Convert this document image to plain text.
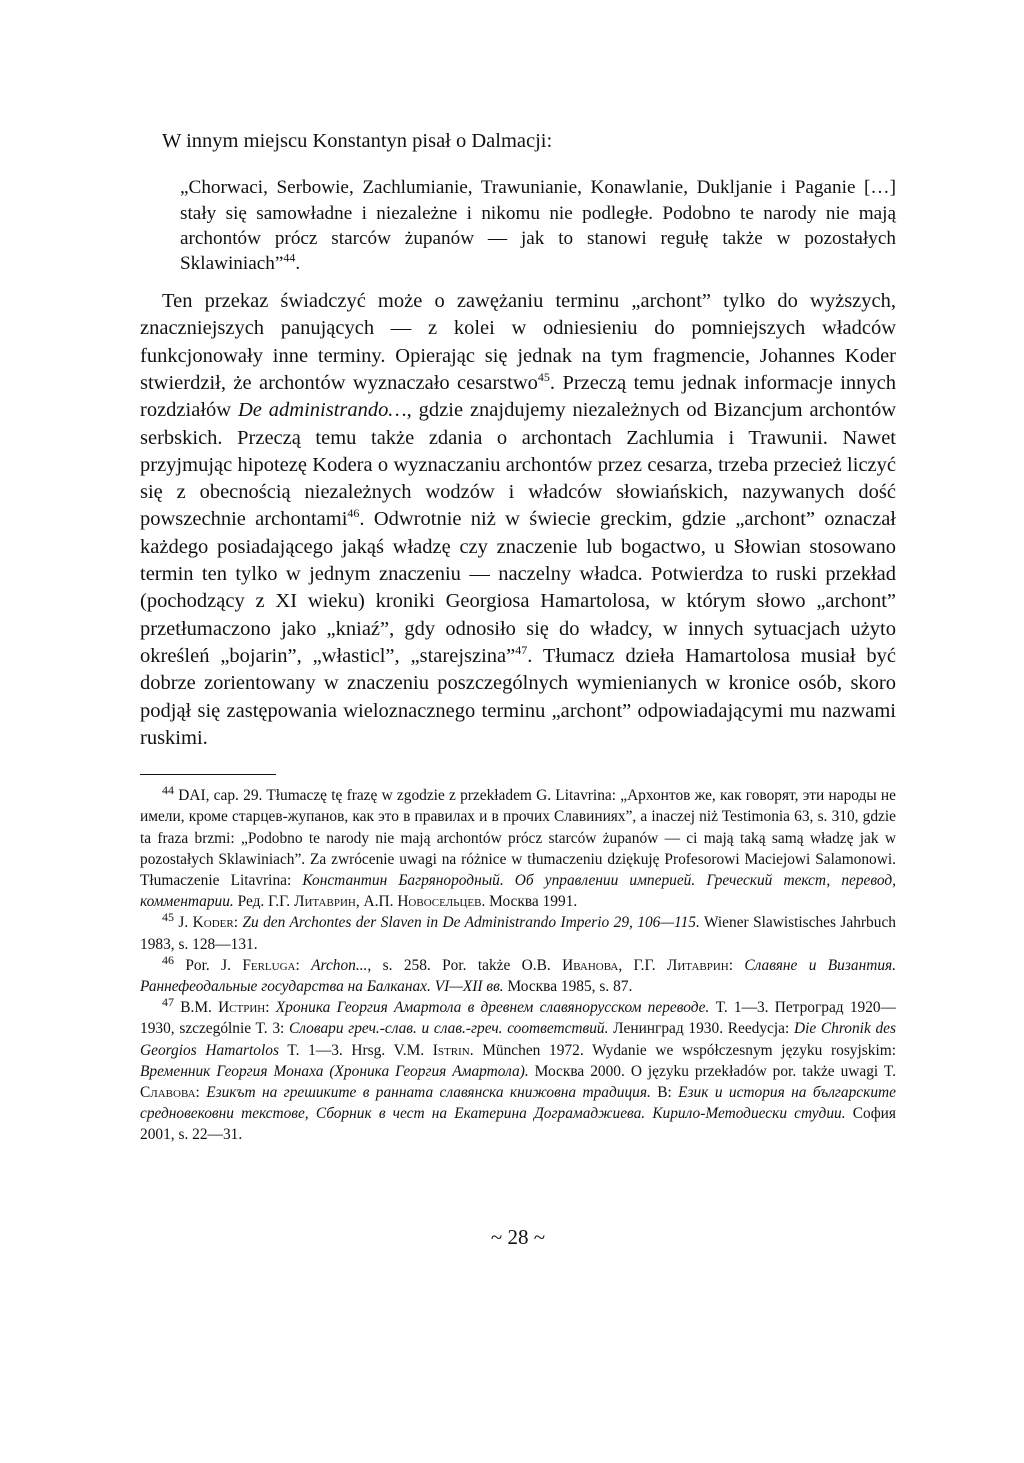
W innym miejscu Konstantyn pisał o Dalmacji:

„Chorwaci, Serbowie, Zachlumianie, Trawunianie, Konawlanie, Dukljanie i Paganie […] stały się samowładne i niezależne i nikomu nie podległe. Podobno te narody nie mają archontów prócz starców żupanów — jak to stanowi regułę także w pozostałych Sklawiniach”$^{44}$.

Ten przekaz świadczyć może o zawężaniu terminu „archont” tylko do wyższych, znaczniejszych panujących — z kolei w odniesieniu do pomniejszych władców funkcjonowały inne terminy. Opierając się jednak na tym fragmencie, Johannes Koder stwierdził, że archontów wyznaczało cesarstwo$^{45}$. Przeczą temu jednak informacje innych rozdziałów De administrando…, gdzie znajdujemy niezależnych od Bizancjum archontów serbskich. Przeczą temu także zdania o archontach Zachlumia i Trawunii. Nawet przyjmując hipotezę Kodera o wyznaczaniu archontów przez cesarza, trzeba przecież liczyć się z obecnością niezależnych wodzów i władców słowiańskich, nazywanych dość powszechnie archontami$^{46}$. Odwrotnie niż w świecie greckim, gdzie „archont” oznaczał każdego posiadającego jakąś władzę czy znaczenie lub bogactwo, u Słowian stosowano termin ten tylko w jednym znaczeniu — naczelny władca. Potwierdza to ruski przekład (pochodzący z XI wieku) kroniki Georgiosa Hamartolosa, w którym słowo „archont” przetłumaczono jako „kniaź”, gdy odnosiło się do władcy, w innych sytuacjach użyto określeń „bojarin”, „własticl”, „starejszina”$^{47}$. Tłumacz dzieła Hamartolosa musiał być dobrze zorientowany w znaczeniu poszczególnych wymienianych w kronice osób, skoro podjął się zastępowania wieloznacznego terminu „archont” odpowiadającymi mu nazwami ruskimi.

$^{44}$ DAI, cap. 29. Tłumaczę tę frazę w zgodzie z przekładem G. Litavrina: „Архонтов же, как говорят, эти народы не имели, кроме старцев-жупанов, как это в правилах и в прочих Славиниях”, a inaczej niż Testimonia 63, s. 310, gdzie ta fraza brzmi: „Podobno te narody nie mają archontów prócz starców żupanów — ci mają taką samą władzę jak w pozostałych Sklawiniach”. Za zwrócenie uwagi na różnice w tłumaczeniu dziękuję Profesorowi Maciejowi Salamonowi. Tłumaczenie Litavrina: Константин Багрянородный. Об управлении империей. Греческий текст, перевод, комментарии. Ред. Г.Г. Литаврин, А.П. Новосельцев. Москва 1991.

$^{45}$ J. Koder: Zu den Archontes der Slaven in De Administrando Imperio 29, 106—115. Wiener Slawistisches Jahrbuch 1983, s. 128—131.

$^{46}$ Por. J. Ferluga: Archon..., s. 258. Por. także O.B. Иванова, Г.Г. Литаврин: Славяне и Византия. Раннефеодальные государства на Балканах. VI—XII вв. Москва 1985, s. 87.

$^{47}$ B.M. Истрин: Хроника Георгия Амартола в древнем славянорусском переводе. T. 1—3. Петроград 1920—1930, szczególnie T. 3: Словари греч.-слав. и слав.-греч. соответствий. Ленинград 1930. Reedycja: Die Chronik des Georgios Hamartolos T. 1—3. Hrsg. V.M. Istrin. München 1972. Wydanie we współczesnym języku rosyjskim: Временник Георгия Монаха (Хроника Георгия Амартола). Москва 2000. O języku przekładów por. także uwagi T. Славова: Езикът на грешиките в ранната славянска книжовна традиция. В: Език и история на българските средновековни текстове, Сборник в чест на Екатерина Дограмаджиева. Кирило-Методиески студии. София 2001, s. 22—31.

~ 28 ~
